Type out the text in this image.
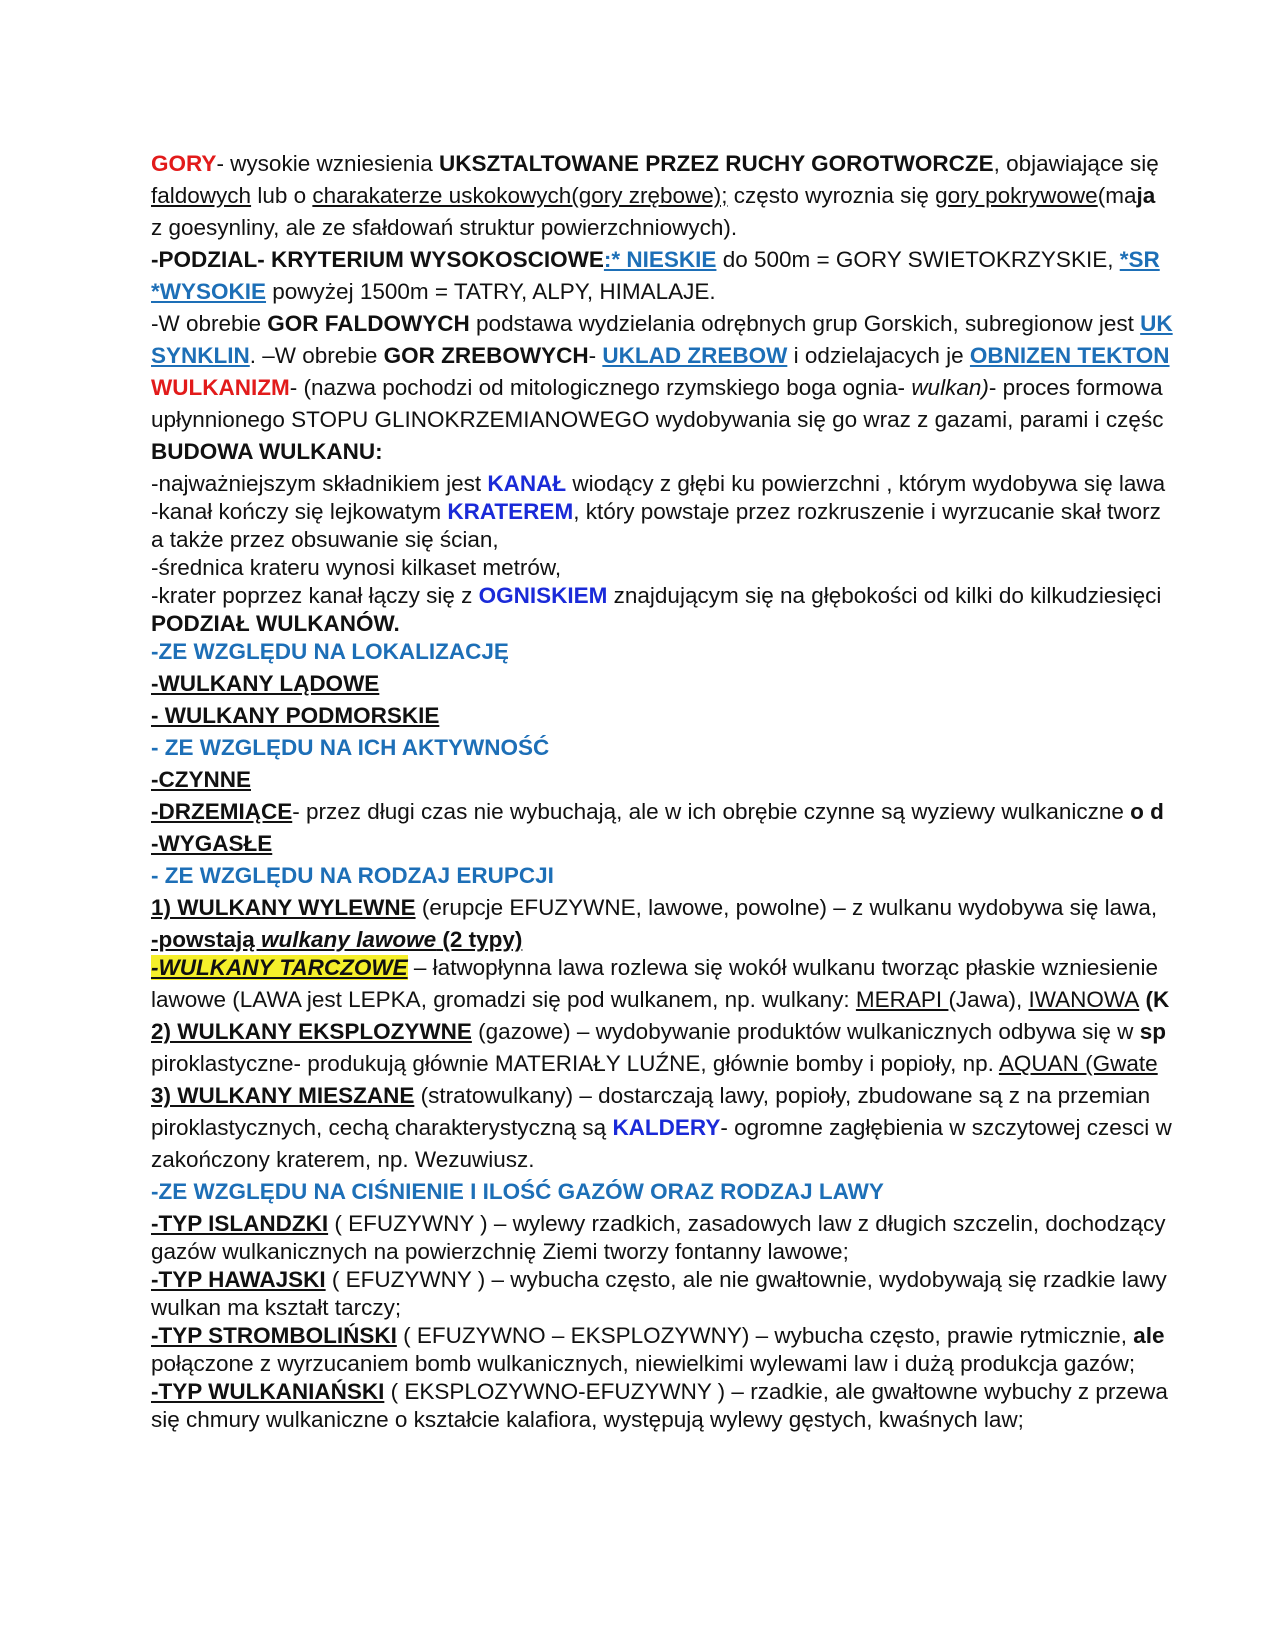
GORY- wysokie wzniesienia UKSZTALTOWANE PRZEZ RUCHY GOROTWORCZE, objawiające się
faldowych lub o charakaterze uskokowych(gory zrębowe); często wyroznia się gory pokrywowe(maja
z goesynliny, ale ze sfałdowań struktur powierzchniowych).
-PODZIAL- KRYTERIUM WYSOKOSCIOWE:* NIESKIE do 500m = GORY SWIETOKRZYSKIE, *SR
*WYSOKIE powyżej 1500m = TATRY, ALPY, HIMALAJE.
-W obrebie GOR FALDOWYCH podstawa wydzielania odrębnych grup Gorskich, subregionow jest UK
SYNKLIN. –W obrebie GOR ZREBOWYCH- UKLAD ZREBOW i odzielajacych je OBNIZEN TEKTON
WULKANIZM- (nazwa pochodzi od mitologicznego rzymskiego boga ognia- wulkan)- proces formowa
upłynnionego STOPU GLINOKRZEMIANOWEGO wydobywania się go wraz z gazami, parami i częśc
BUDOWA WULKANU:
-najważniejszym składnikiem jest KANAŁ wiodący z głębi ku powierzchni , którym wydobywa się lawa
-kanał kończy się lejkowatym KRATEREM, który powstaje przez rozkruszenie i wyrzucanie skał tworz
a także przez obsuwanie się ścian,
-średnica krateru wynosi kilkaset metrów,
-krater poprzez kanał łączy się z OGNISKIEM znajdującym się na głębokości od kilki do kilkudziesięci
PODZIAŁ WULKANÓW.
-ZE WZGLĘDU NA LOKALIZACJĘ
-WULKANY LĄDOWE
- WULKANY PODMORSKIE
- ZE WZGLĘDU NA ICH AKTYWNOŚĆ
-CZYNNE
-DRZEMIĄCE- przez długi czas nie wybuchają, ale w ich obrębie czynne są wyziewy wulkaniczne o d
-WYGASŁE
- ZE WZGLĘDU NA RODZAJ ERUPCJI
1) WULKANY WYLEWNE (erupcje EFUZYWNE, lawowe, powolne) – z wulkanu wydobywa się lawa,
-powstają wulkany lawowe (2 typy)
-WULKANY TARCZOWE – łatwopłynna lawa rozlewa się wokół wulkanu tworząc płaskie wzniesienie
lawowe (LAWA jest LEPKA, gromadzi się pod wulkanem, np. wulkany: MERAPI (Jawa), IWANOWA (K
2) WULKANY EKSPLOZYWNE (gazowe) – wydobywanie produktów wulkanicznych odbywa się w sp
piroklastyczne- produkują głównie MATERIAŁY LUŹNE, głównie bomby i popioły, np. AQUAN (Gwate
3) WULKANY MIESZANE (stratowulkany) – dostarczają lawy, popioły, zbudowane są z na przemian
piroklastycznych, cechą charakterystyczną są KALDERY- ogromne zagłębienia w szczytowej czesci w
zakończony kraterem, np. Wezuwiusz.
-ZE WZGLĘDU NA CIŚNIENIE I ILOŚĆ GAZÓW ORAZ RODZAJ LAWY
-TYP ISLANDZKI ( EFUZYWNY ) – wylewy rzadkich, zasadowych law z długich szczelin, dochodzący
gazów wulkanicznych na powierzchnię Ziemi tworzy fontanny lawowe;
-TYP HAWAJSKI ( EFUZYWNY ) – wybucha często, ale nie gwałtownie, wydobywają się rzadkie lawy
wulkan ma kształt tarczy;
-TYP STROMBOLIŃSKI ( EFUZYWNO – EKSPLOZYWNY) – wybucha często, prawie rytmicznie, ale
połączone z wyrzucaniem bomb wulkanicznych, niewielkimi wylewami law i dużą produkcja gazów;
-TYP WULKANIAŃSKI ( EKSPLOZYWNO-EFUZYWNY ) – rzadkie, ale gwałtowne wybuchy z przewa
się chmury wulkaniczne o kształcie kalafiora, występują wylewy gęstych, kwaśnych law;
